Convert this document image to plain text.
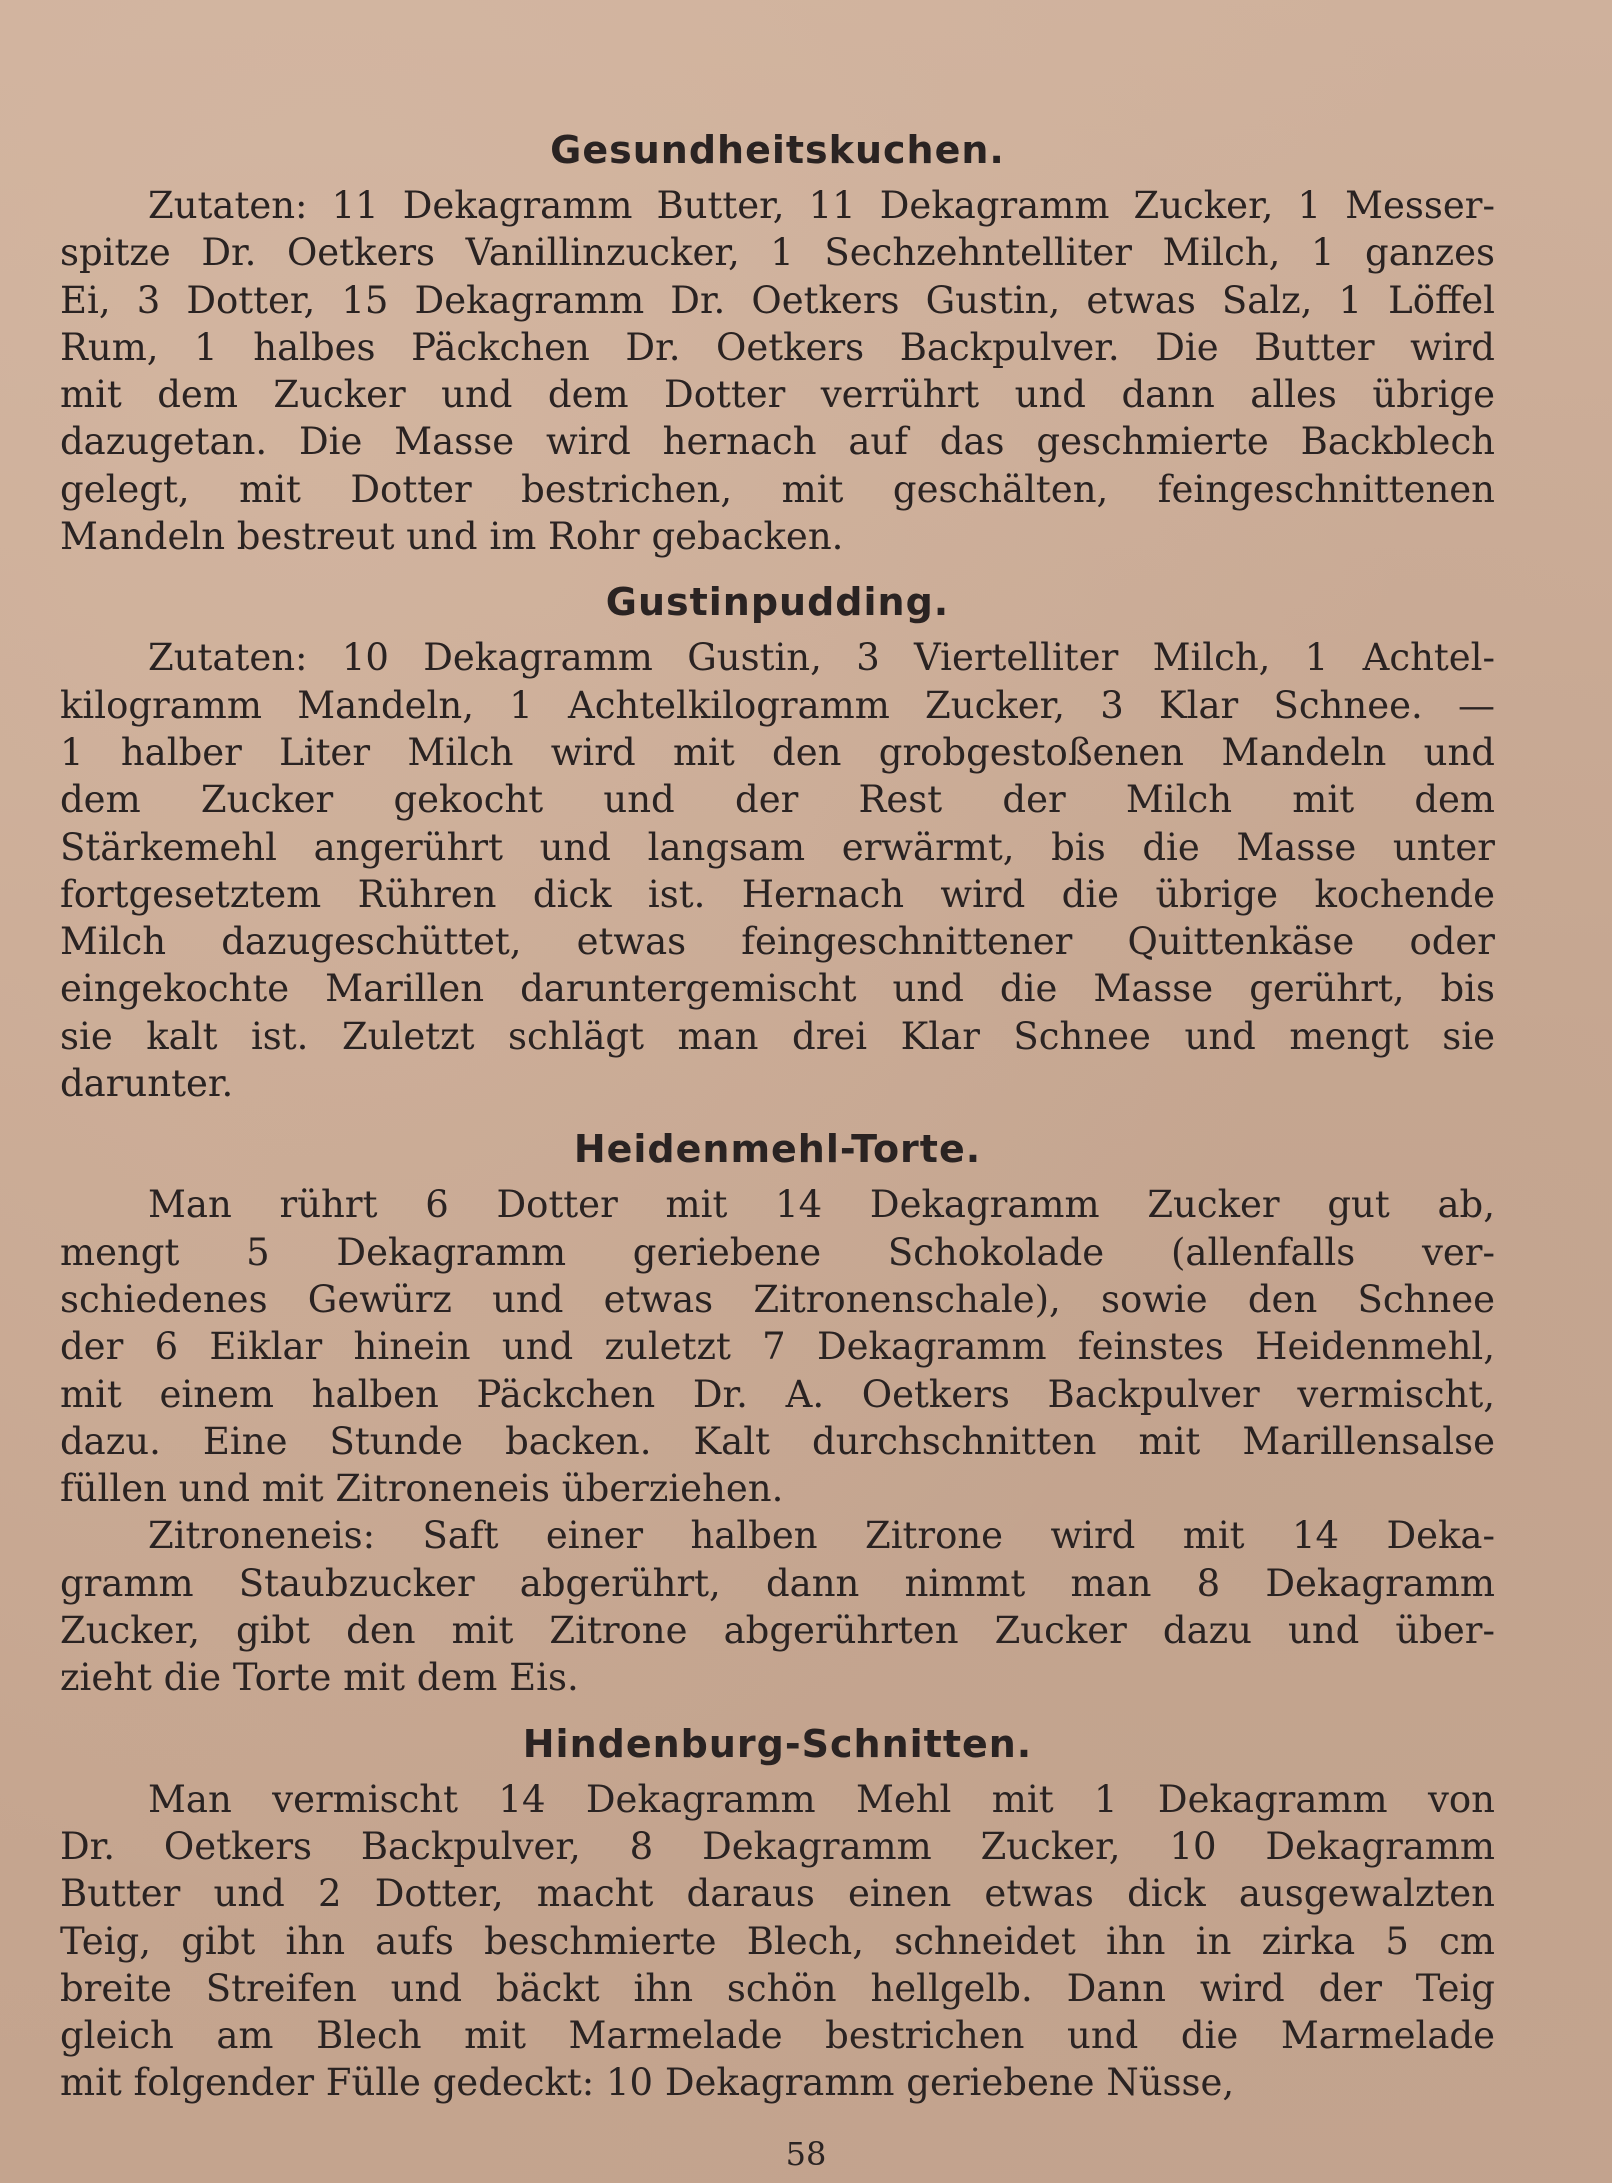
Gesundheitskuchen.
Zutaten: 11 Dekagramm Butter, 11 Dekagramm Zucker, 1 Messer-
spitze Dr. Oetkers Vanillinzucker, 1 Sechzehntelliter Milch, 1 ganzes
Ei, 3 Dotter, 15 Dekagramm Dr. Oetkers Gustin, etwas Salz, 1 Löffel
Rum, 1 halbes Päckchen Dr. Oetkers Backpulver. Die Butter wird
mit dem Zucker und dem Dotter verrührt und dann alles übrige
dazugetan. Die Masse wird hernach auf das geschmierte Backblech
gelegt, mit Dotter bestrichen, mit geschälten, feingeschnittenen
Mandeln bestreut und im Rohr gebacken.
Gustinpudding.
Zutaten: 10 Dekagramm Gustin, 3 Viertelliter Milch, 1 Achtel-
kilogramm Mandeln, 1 Achtelkilogramm Zucker, 3 Klar Schnee. —
1 halber Liter Milch wird mit den grobgestoßenen Mandeln und
dem Zucker gekocht und der Rest der Milch mit dem
Stärkemehl angerührt und langsam erwärmt, bis die Masse unter
fortgesetztem Rühren dick ist. Hernach wird die übrige kochende
Milch dazugeschüttet, etwas feingeschnittener Quittenkäse oder
eingekochte Marillen daruntergemischt und die Masse gerührt, bis
sie kalt ist. Zuletzt schlägt man drei Klar Schnee und mengt sie
darunter.
Heidenmehl-Torte.
Man rührt 6 Dotter mit 14 Dekagramm Zucker gut ab,
mengt 5 Dekagramm geriebene Schokolade (allenfalls ver-
schiedenes Gewürz und etwas Zitronenschale), sowie den Schnee
der 6 Eiklar hinein und zuletzt 7 Dekagramm feinstes Heidenmehl,
mit einem halben Päckchen Dr. A. Oetkers Backpulver vermischt,
dazu. Eine Stunde backen. Kalt durchschnitten mit Marillensalse
füllen und mit Zitroneneis überziehen.
Zitroneneis: Saft einer halben Zitrone wird mit 14 Deka-
gramm Staubzucker abgerührt, dann nimmt man 8 Dekagramm
Zucker, gibt den mit Zitrone abgerührten Zucker dazu und über-
zieht die Torte mit dem Eis.
Hindenburg-Schnitten.
Man vermischt 14 Dekagramm Mehl mit 1 Dekagramm von
Dr. Oetkers Backpulver, 8 Dekagramm Zucker, 10 Dekagramm
Butter und 2 Dotter, macht daraus einen etwas dick ausgewalzten
Teig, gibt ihn aufs beschmierte Blech, schneidet ihn in zirka 5 cm
breite Streifen und bäckt ihn schön hellgelb. Dann wird der Teig
gleich am Blech mit Marmelade bestrichen und die Marmelade
mit folgender Fülle gedeckt: 10 Dekagramm geriebene Nüsse,
58
